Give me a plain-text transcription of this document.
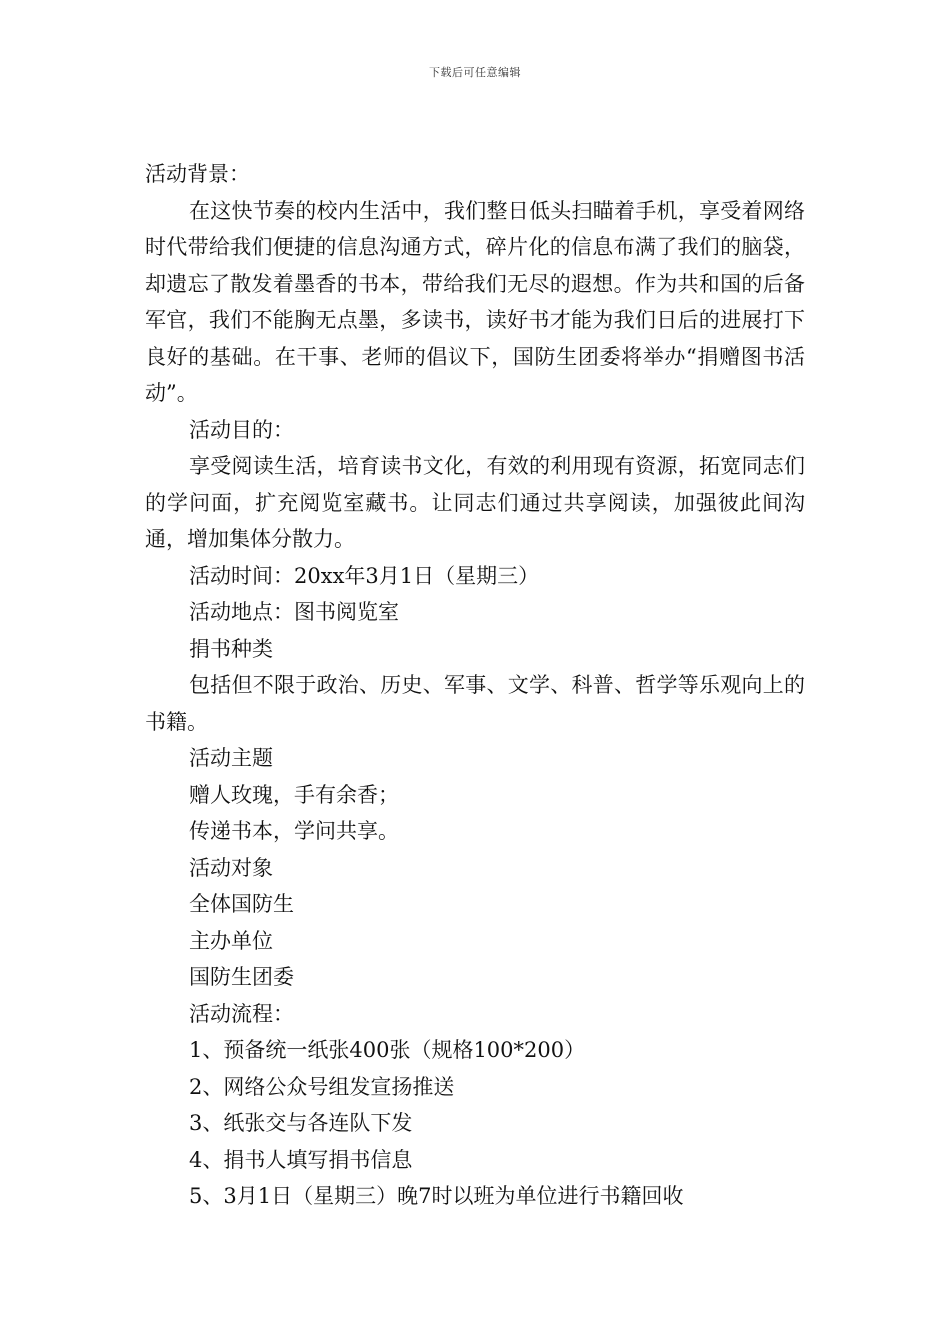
下载后可任意编辑

活动背景：

在这快节奏的校内生活中，我们整日低头扫瞄着手机，享受着网络时代带给我们便捷的信息沟通方式，碎片化的信息布满了我们的脑袋，却遗忘了散发着墨香的书本，带给我们无尽的遐想。作为共和国的后备军官，我们不能胸无点墨，多读书，读好书才能为我们日后的进展打下良好的基础。在干事、老师的倡议下，国防生团委将举办“捐赠图书活动”。

活动目的：

享受阅读生活，培育读书文化，有效的利用现有资源，拓宽同志们的学问面，扩充阅览室藏书。让同志们通过共享阅读，加强彼此间沟通，增加集体分散力。

活动时间：20xx年3月1日（星期三）

活动地点：图书阅览室

捐书种类

包括但不限于政治、历史、军事、文学、科普、哲学等乐观向上的书籍。

活动主题

赠人玫瑰，手有余香；

传递书本，学问共享。

活动对象

全体国防生

主办单位

国防生团委

活动流程：

1、预备统一纸张400张（规格100*200）

2、网络公众号组发宣扬推送

3、纸张交与各连队下发

4、捐书人填写捐书信息

5、3月1日（星期三）晚7时以班为单位进行书籍回收
